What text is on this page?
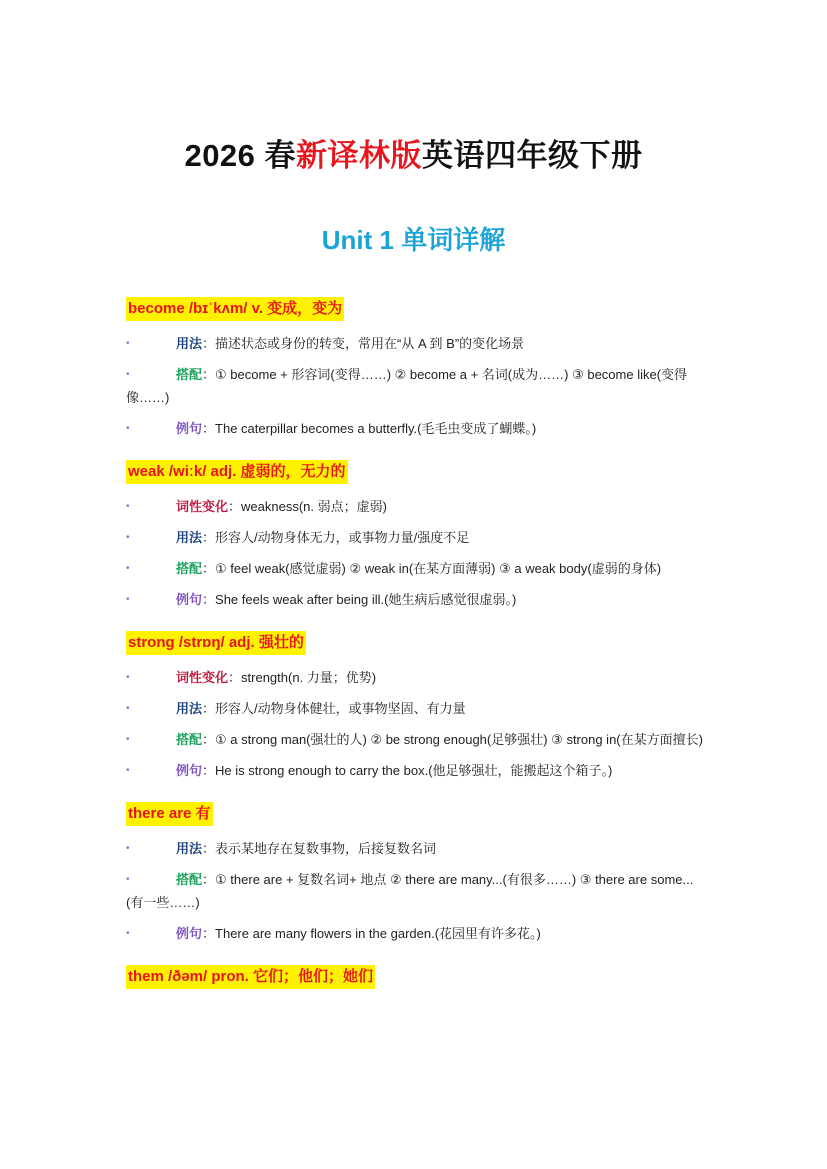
2026 春新译林版英语四年级下册
Unit 1 单词详解
become /bɪˈkʌm/ v. 变成，变为
•	用法：描述状态或身份的转变，常用在“从 A 到 B”的变化场景
•	搭配：① become + 形容词(变得……) ② become a + 名词(成为……) ③ become like(变得像……)
•	例句：The caterpillar becomes a butterfly.(毛毛虫变成了蝴蝶。)
weak /wiːk/ adj. 虚弱的，无力的
•	词性变化：weakness(n. 弱点；虚弱)
•	用法：形容人/动物身体无力，或事物力量/强度不足
•	搭配：① feel weak(感觉虚弱) ② weak in(在某方面薄弱) ③ a weak body(虚弱的身体)
•	例句：She feels weak after being ill.(她生病后感觉很虚弱。)
strong /strɒŋ/ adj. 强壮的
•	词性变化：strength(n. 力量；优势)
•	用法：形容人/动物身体健壮，或事物坚固、有力量
•	搭配：① a strong man(强壮的人) ② be strong enough(足够强壮) ③ strong in(在某方面擅长)
•	例句：He is strong enough to carry the box.(他足够强壮，能搬起这个箱子。)
there are 有
•	用法：表示某地存在复数事物，后接复数名词
•	搭配：① there are + 复数名词+ 地点 ② there are many...(有很多……) ③ there are some...(有一些……)
•	例句：There are many flowers in the garden.(花园里有许多花。)
them /ðəm/ pron. 它们；他们；她们
